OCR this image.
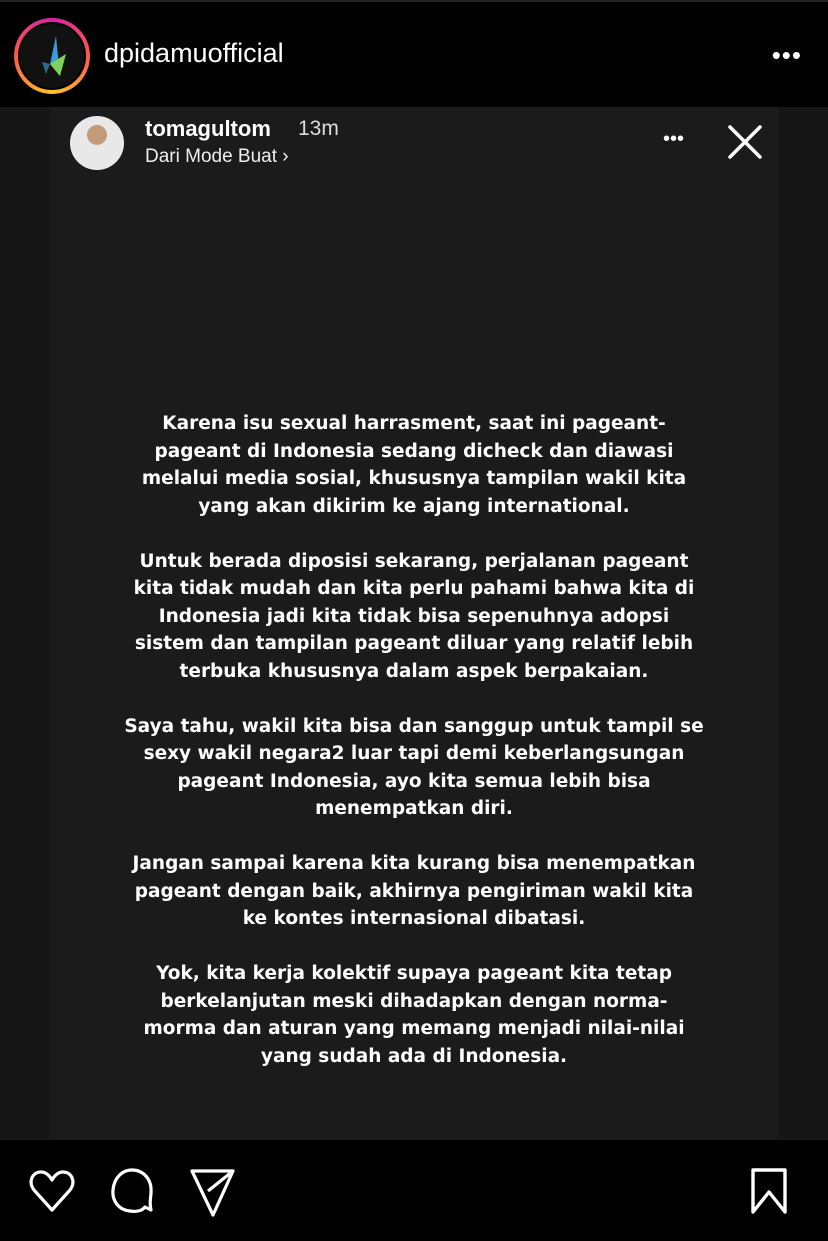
dpidamuofficial	•••
tomagultom 13m
Dari Mode Buat ›
•••
Karena isu sexual harrasment, saat ini pageant-
pageant di Indonesia sedang dicheck dan diawasi
melalui media sosial, khususnya tampilan wakil kita
yang akan dikirim ke ajang international.
Untuk berada diposisi sekarang, perjalanan pageant
kita tidak mudah dan kita perlu pahami bahwa kita di
Indonesia jadi kita tidak bisa sepenuhnya adopsi
sistem dan tampilan pageant diluar yang relatif lebih
terbuka khususnya dalam aspek berpakaian.
Saya tahu, wakil kita bisa dan sanggup untuk tampil se
sexy wakil negara2 luar tapi demi keberlangsungan
pageant Indonesia, ayo kita semua lebih bisa
menempatkan diri.
Jangan sampai karena kita kurang bisa menempatkan
pageant dengan baik, akhirnya pengiriman wakil kita
ke kontes internasional dibatasi.
Yok, kita kerja kolektif supaya pageant kita tetap
berkelanjutan meski dihadapkan dengan norma-
morma dan aturan yang memang menjadi nilai-nilai
yang sudah ada di Indonesia.
